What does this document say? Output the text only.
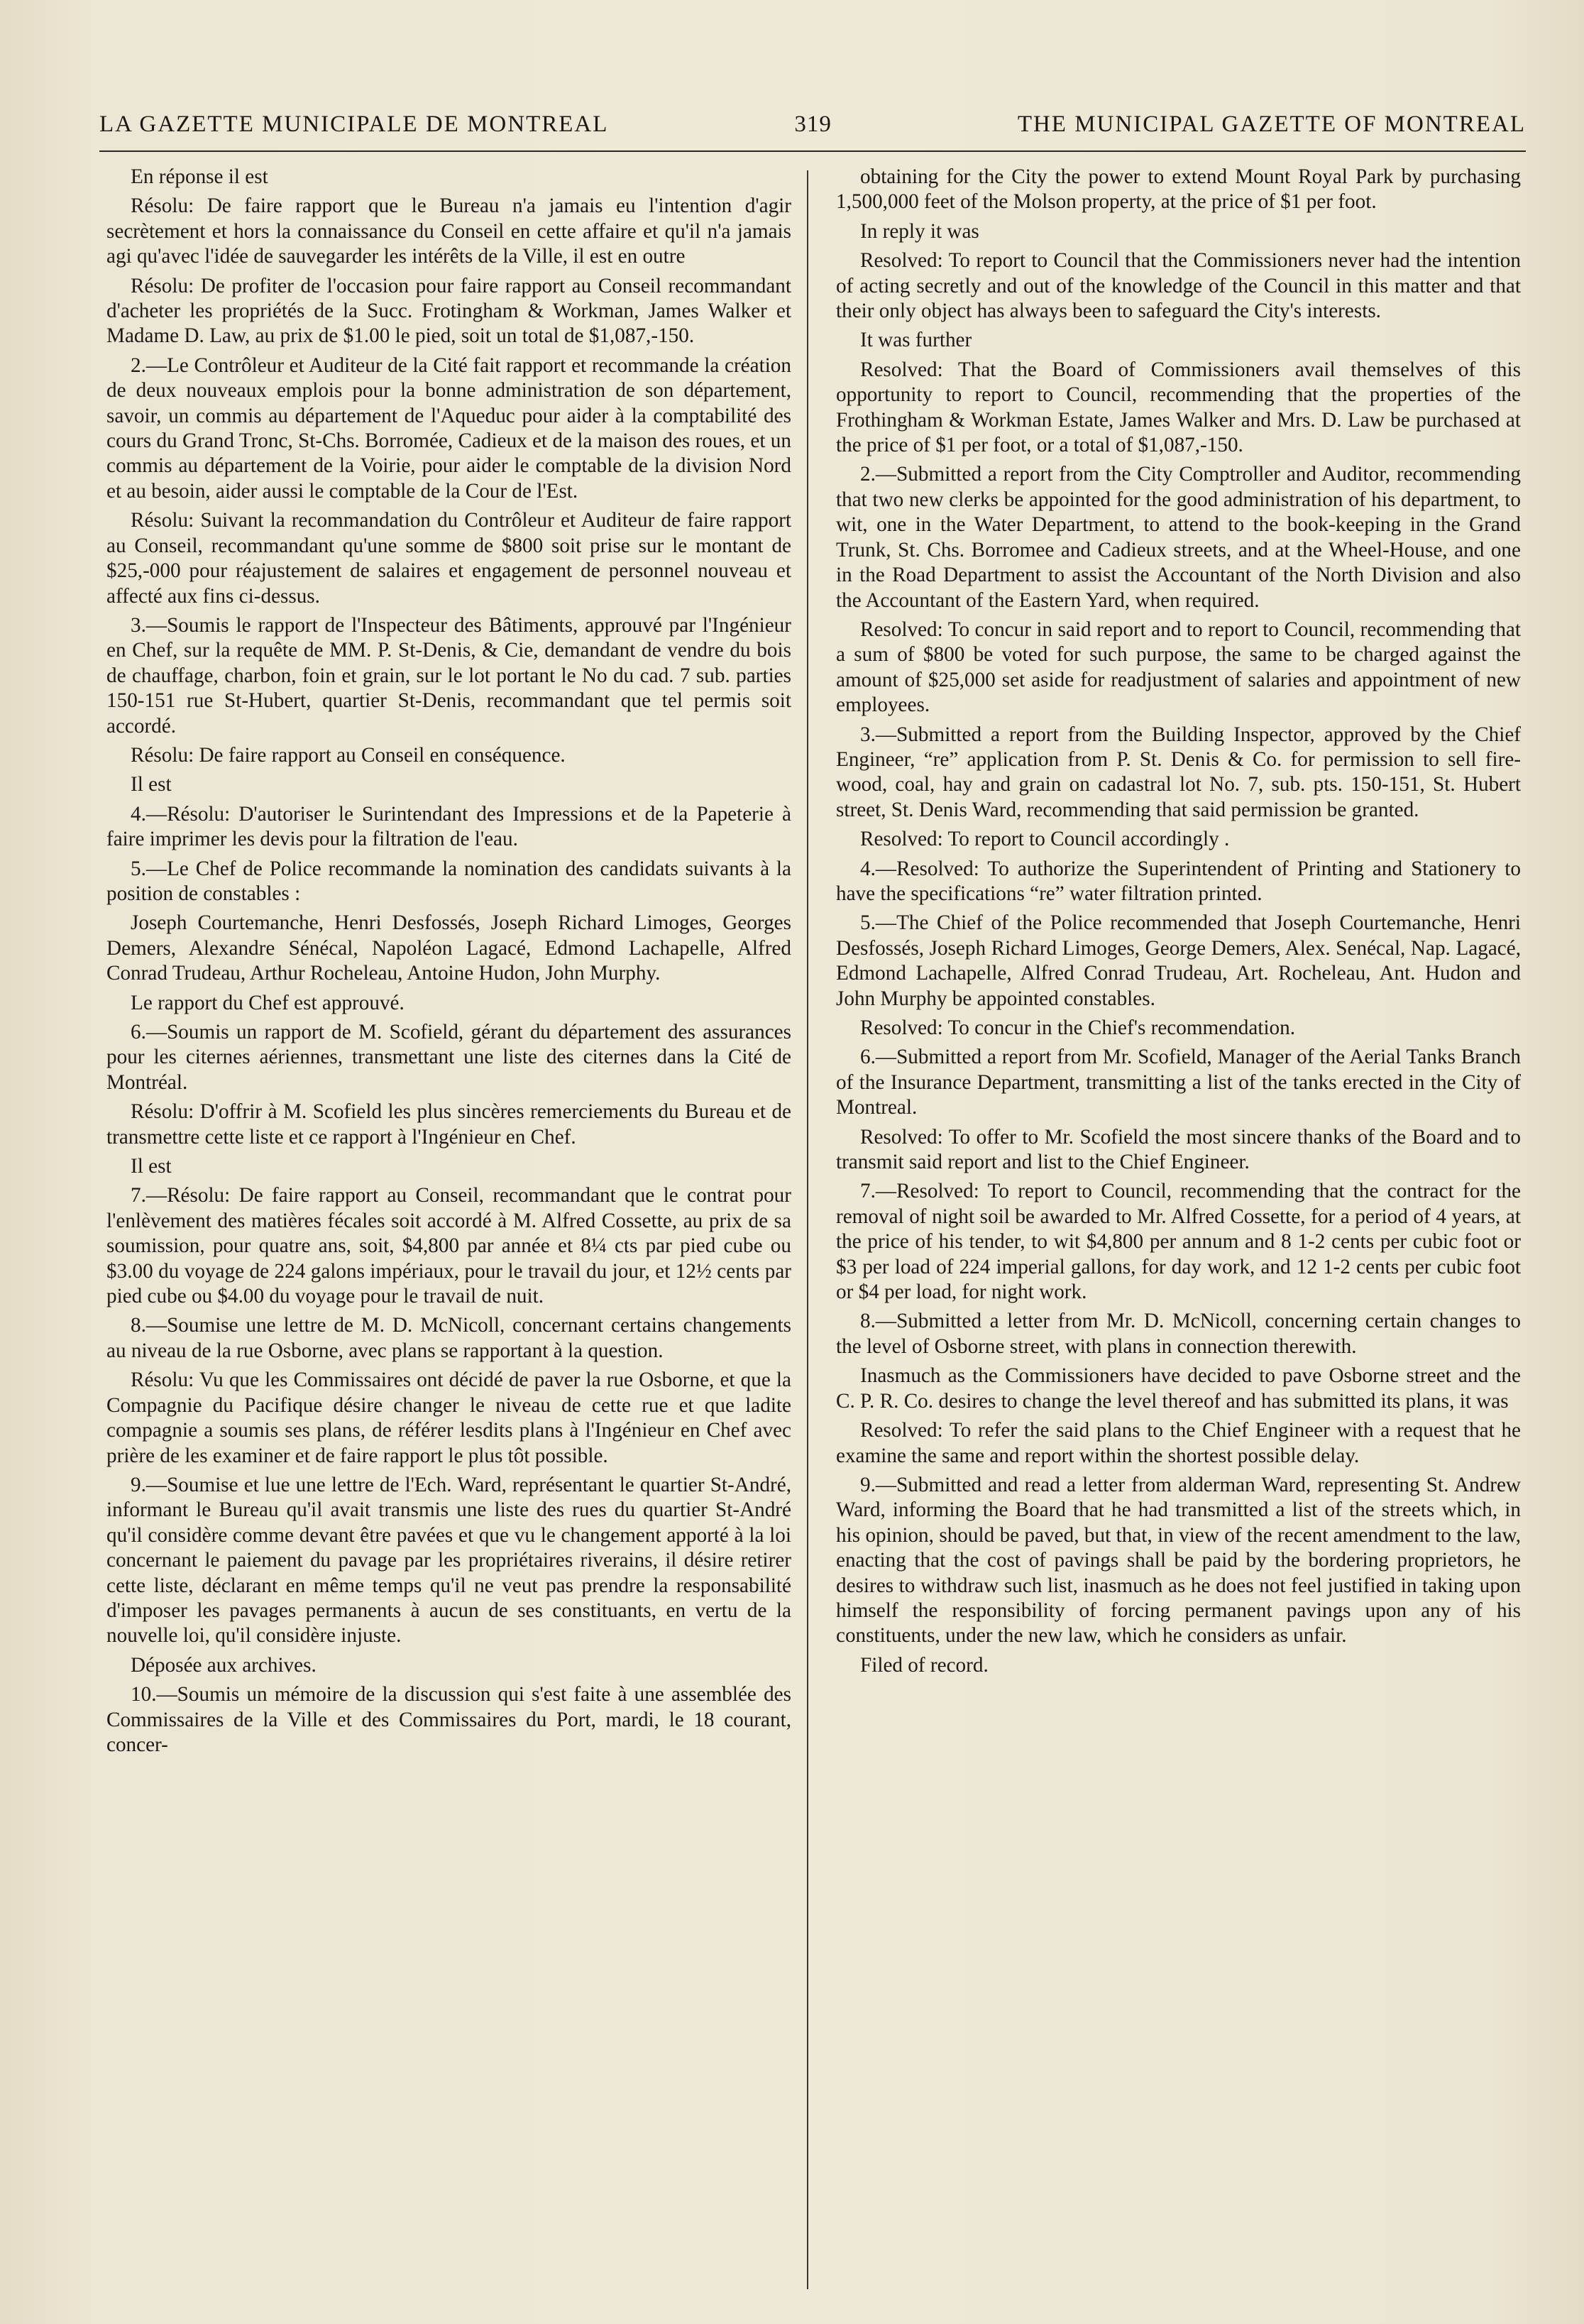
LA GAZETTE MUNICIPALE DE MONTREAL	319	THE MUNICIPAL GAZETTE OF MONTREAL

En réponse il est

Résolu: De faire rapport que le Bureau n'a jamais eu l'intention d'agir secrètement et hors la connaissance du Conseil en cette affaire et qu'il n'a jamais agi qu'avec l'idée de sauvegarder les intérêts de la Ville, il est en outre

Résolu: De profiter de l'occasion pour faire rapport au Conseil recommandant d'acheter les propriétés de la Succ. Frotingham & Workman, James Walker et Madame D. Law, au prix de $1.00 le pied, soit un total de $1,087,-150.

2.—Le Contrôleur et Auditeur de la Cité fait rapport et recommande la création de deux nouveaux emplois pour la bonne administration de son département, savoir, un commis au département de l'Aqueduc pour aider à la comptabilité des cours du Grand Tronc, St-Chs. Borromée, Cadieux et de la maison des roues, et un commis au département de la Voirie, pour aider le comptable de la division Nord et au besoin, aider aussi le comptable de la Cour de l'Est.

Résolu: Suivant la recommandation du Contrôleur et Auditeur de faire rapport au Conseil, recommandant qu'une somme de $800 soit prise sur le montant de $25,-000 pour réajustement de salaires et engagement de personnel nouveau et affecté aux fins ci-dessus.

3.—Soumis le rapport de l'Inspecteur des Bâtiments, approuvé par l'Ingénieur en Chef, sur la requête de MM. P. St-Denis, & Cie, demandant de vendre du bois de chauffage, charbon, foin et grain, sur le lot portant le No du cad. 7 sub. parties 150-151 rue St-Hubert, quartier St-Denis, recommandant que tel permis soit accordé.

Résolu: De faire rapport au Conseil en conséquence.

Il est

4.—Résolu: D'autoriser le Surintendant des Impressions et de la Papeterie à faire imprimer les devis pour la filtration de l'eau.

5.—Le Chef de Police recommande la nomination des candidats suivants à la position de constables :

Joseph Courtemanche, Henri Desfossés, Joseph Richard Limoges, Georges Demers, Alexandre Sénécal, Napoléon Lagacé, Edmond Lachapelle, Alfred Conrad Trudeau, Arthur Rocheleau, Antoine Hudon, John Murphy.

Le rapport du Chef est approuvé.

6.—Soumis un rapport de M. Scofield, gérant du département des assurances pour les citernes aériennes, transmettant une liste des citernes dans la Cité de Montréal.

Résolu: D'offrir à M. Scofield les plus sincères remerciements du Bureau et de transmettre cette liste et ce rapport à l'Ingénieur en Chef.

Il est

7.—Résolu: De faire rapport au Conseil, recommandant que le contrat pour l'enlèvement des matières fécales soit accordé à M. Alfred Cossette, au prix de sa soumission, pour quatre ans, soit, $4,800 par année et 8¼ cts par pied cube ou $3.00 du voyage de 224 galons impériaux, pour le travail du jour, et 12½ cents par pied cube ou $4.00 du voyage pour le travail de nuit.

8.—Soumise une lettre de M. D. McNicoll, concernant certains changements au niveau de la rue Osborne, avec plans se rapportant à la question.

Résolu: Vu que les Commissaires ont décidé de paver la rue Osborne, et que la Compagnie du Pacifique désire changer le niveau de cette rue et que ladite compagnie a soumis ses plans, de référer lesdits plans à l'Ingénieur en Chef avec prière de les examiner et de faire rapport le plus tôt possible.

9.—Soumise et lue une lettre de l'Ech. Ward, représentant le quartier St-André, informant le Bureau qu'il avait transmis une liste des rues du quartier St-André qu'il considère comme devant être pavées et que vu le changement apporté à la loi concernant le paiement du pavage par les propriétaires riverains, il désire retirer cette liste, déclarant en même temps qu'il ne veut pas prendre la responsabilité d'imposer les pavages permanents à aucun de ses constituants, en vertu de la nouvelle loi, qu'il considère injuste.

Déposée aux archives.

10.—Soumis un mémoire de la discussion qui s'est faite à une assemblée des Commissaires de la Ville et des Commissaires du Port, mardi, le 18 courant, concer-

obtaining for the City the power to extend Mount Royal Park by purchasing 1,500,000 feet of the Molson property, at the price of $1 per foot.

In reply it was

Resolved: To report to Council that the Commissioners never had the intention of acting secretly and out of the knowledge of the Council in this matter and that their only object has always been to safeguard the City's interests.

It was further

Resolved: That the Board of Commissioners avail themselves of this opportunity to report to Council, recommending that the properties of the Frothingham & Workman Estate, James Walker and Mrs. D. Law be purchased at the price of $1 per foot, or a total of $1,087,-150.

2.—Submitted a report from the City Comptroller and Auditor, recommending that two new clerks be appointed for the good administration of his department, to wit, one in the Water Department, to attend to the book-keeping in the Grand Trunk, St. Chs. Borromee and Cadieux streets, and at the Wheel-House, and one in the Road Department to assist the Accountant of the North Division and also the Accountant of the Eastern Yard, when required.

Resolved: To concur in said report and to report to Council, recommending that a sum of $800 be voted for such purpose, the same to be charged against the amount of $25,000 set aside for readjustment of salaries and appointment of new employees.

3.—Submitted a report from the Building Inspector, approved by the Chief Engineer, “re” application from P. St. Denis & Co. for permission to sell fire-wood, coal, hay and grain on cadastral lot No. 7, sub. pts. 150-151, St. Hubert street, St. Denis Ward, recommending that said permission be granted.

Resolved: To report to Council accordingly .

4.—Resolved: To authorize the Superintendent of Printing and Stationery to have the specifications “re” water filtration printed.

5.—The Chief of the Police recommended that Joseph Courtemanche, Henri Desfossés, Joseph Richard Limoges, George Demers, Alex. Senécal, Nap. Lagacé, Edmond Lachapelle, Alfred Conrad Trudeau, Art. Rocheleau, Ant. Hudon and John Murphy be appointed constables.

Resolved: To concur in the Chief's recommendation.

6.—Submitted a report from Mr. Scofield, Manager of the Aerial Tanks Branch of the Insurance Department, transmitting a list of the tanks erected in the City of Montreal.

Resolved: To offer to Mr. Scofield the most sincere thanks of the Board and to transmit said report and list to the Chief Engineer.

7.—Resolved: To report to Council, recommending that the contract for the removal of night soil be awarded to Mr. Alfred Cossette, for a period of 4 years, at the price of his tender, to wit $4,800 per annum and 8 1-2 cents per cubic foot or $3 per load of 224 imperial gallons, for day work, and 12 1-2 cents per cubic foot or $4 per load, for night work.

8.—Submitted a letter from Mr. D. McNicoll, concerning certain changes to the level of Osborne street, with plans in connection therewith.

Inasmuch as the Commissioners have decided to pave Osborne street and the C. P. R. Co. desires to change the level thereof and has submitted its plans, it was

Resolved: To refer the said plans to the Chief Engineer with a request that he examine the same and report within the shortest possible delay.

9.—Submitted and read a letter from alderman Ward, representing St. Andrew Ward, informing the Board that he had transmitted a list of the streets which, in his opinion, should be paved, but that, in view of the recent amendment to the law, enacting that the cost of pavings shall be paid by the bordering proprietors, he desires to withdraw such list, inasmuch as he does not feel justified in taking upon himself the responsibility of forcing permanent pavings upon any of his constituents, under the new law, which he considers as unfair.

Filed of record.
